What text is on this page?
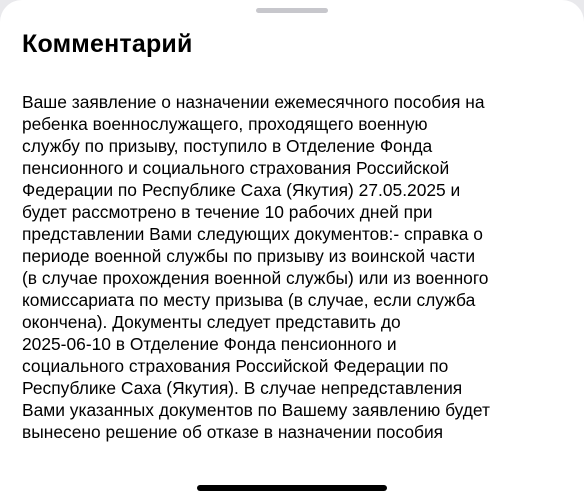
Комментарий

Ваше заявление о назначении ежемесячного пособия на
ребенка военнослужащего, проходящего военную
службу по призыву, поступило в Отделение Фонда
пенсионного и социального страхования Российской
Федерации по Республике Саха (Якутия) 27.05.2025 и
будет рассмотрено в течение 10 рабочих дней при
представлении Вами следующих документов:- справка о
периоде военной службы по призыву из воинской части
(в случае прохождения военной службы) или из военного
комиссариата по месту призыва (в случае, если служба
окончена). Документы следует представить до
2025-06-10 в Отделение Фонда пенсионного и
социального страхования Российской Федерации по
Республике Саха (Якутия). В случае непредставления
Вами указанных документов по Вашему заявлению будет
вынесено решение об отказе в назначении пособия
